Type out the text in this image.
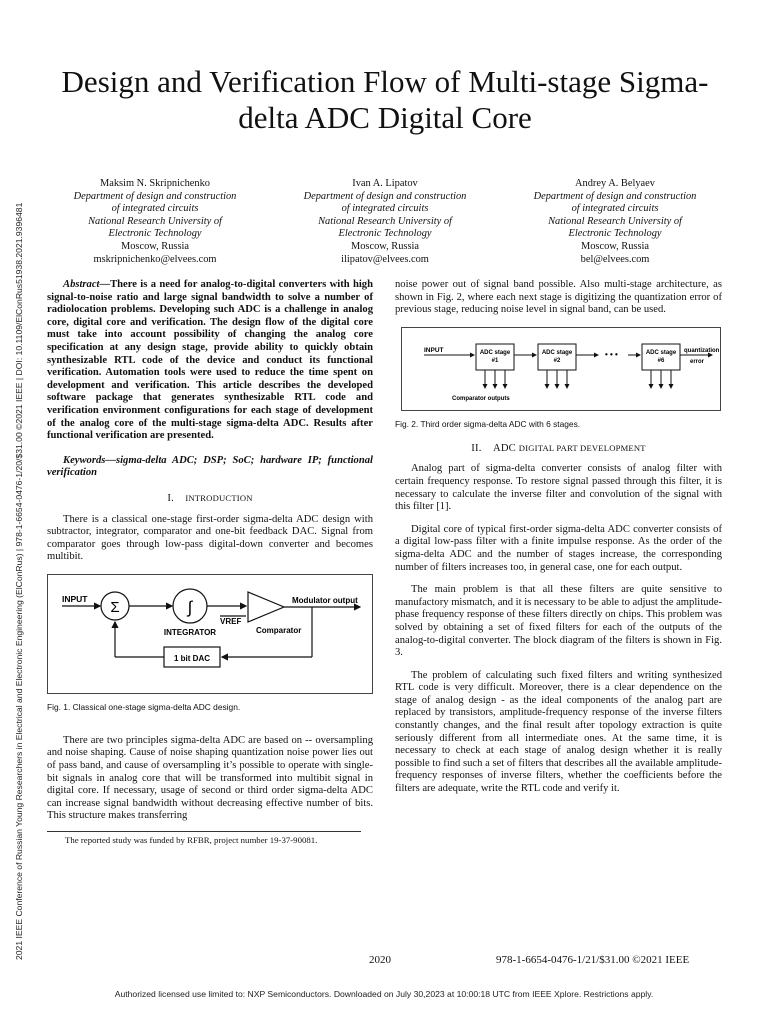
2021 IEEE Conference of Russian Young Researchers in Electrical and Electronic Engineering (ElConRus) | 978-1-6654-0476-1/20/$31.00 ©2021 IEEE | DOI: 10.1109/ElConRus51938.2021.9396481
Design and Verification Flow of Multi-stage Sigma-delta ADC Digital Core
Maksim N. Skripnichenko
Department of design and construction
of integrated circuits
National Research University of
Electronic Technology
Moscow, Russia
mskripnichenko@elvees.com
Ivan A. Lipatov
Department of design and construction
of integrated circuits
National Research University of
Electronic Technology
Moscow, Russia
ilipatov@elvees.com
Andrey A. Belyaev
Department of design and construction
of integrated circuits
National Research University of
Electronic Technology
Moscow, Russia
bel@elvees.com

Abstract—There is a need for analog-to-digital converters with high signal-to-noise ratio and large signal bandwidth to solve a number of radiolocation problems. Developing such ADC is a challenge in analog core, digital core and verification. The design flow of the digital core must take into account possibility of changing the analog core specification at any design stage, provide ability to quickly obtain synthesizable RTL code of the device and conduct its functional verification. Automation tools were used to reduce the time spent on development and verification. This article describes the developed software package that generates synthesizable RTL code and verification environment configurations for each stage of development of the analog core of the multi-stage sigma-delta ADC. Results after functional verification are presented.

Keywords—sigma-delta ADC; DSP; SoC; hardware IP; functional verification

I. INTRODUCTION

There is a classical one-stage first-order sigma-delta ADC design with subtractor, integrator, comparator and one-bit feedback DAC. Signal from comparator goes through low-pass digital-down converter and becomes multibit.

INPUT Σ	∫
INTEGRATOR
VREF
Comparator
Modulator output
1 bit DAC

Fig. 1. Classical one-stage sigma-delta ADC design.

There are two principles sigma-delta ADC are based on -- oversampling and noise shaping. Cause of noise shaping quantization noise power lies out of pass band, and cause of oversampling it’s possible to operate with single-bit signals in analog core that will be transformed into multibit signal in digital core. If necessary, usage of second or third order sigma-delta ADC can increase signal bandwidth without decreasing effective number of bits. This structure makes transferring

The reported study was funded by RFBR, project number 19-37-90081.

noise power out of signal band possible. Also multi-stage architecture, as shown in Fig. 2, where each next stage is digitizing the quantization error of previous stage, reducing noise level in signal band, can be used.

INPUT	ADC stage
#1
ADC stage
#2
• • •	ADC stage
#6
quantization
error
Comparator outputs

Fig. 2. Third order sigma-delta ADC with 6 stages.

II. ADC DIGITAL PART DEVELOPMENT

Analog part of sigma-delta converter consists of analog filter with certain frequency response. To restore signal passed through this filter, it is necessary to calculate the inverse filter and convolution of the signal with this filter [1].

Digital core of typical first-order sigma-delta ADC converter consists of a digital low-pass filter with a finite impulse response. As the order of the sigma-delta ADC and the number of stages increase, the corresponding number of filters increases too, in general case, one for each output.

The main problem is that all these filters are quite sensitive to manufactory mismatch, and it is necessary to be able to adjust the amplitude-phase frequency response of these filters directly on chips. This problem was solved by obtaining a set of fixed filters for each of the outputs of the analog-to-digital converter. The block diagram of the filters is shown in Fig. 3.

The problem of calculating such fixed filters and writing synthesized RTL code is very difficult. Moreover, there is a clear dependence on the stage of analog design - as the ideal components of the analog part are replaced by transistors, amplitude-frequency response of the inverse filters constantly changes, and the final result after topology extraction is quite seriously different from all intermediate ones. At the same time, it is necessary to check at each stage of analog design whether it is really possible to find such a set of filters that describes all the available amplitude-frequency responses of inverse filters, whether the coefficients before the filters are adequate, write the RTL code and verify it.

2020	978-1-6654-0476-1/21/$31.00 ©2021 IEEE
Authorized licensed use limited to: NXP Semiconductors. Downloaded on July 30,2023 at 10:00:18 UTC from IEEE Xplore. Restrictions apply.
